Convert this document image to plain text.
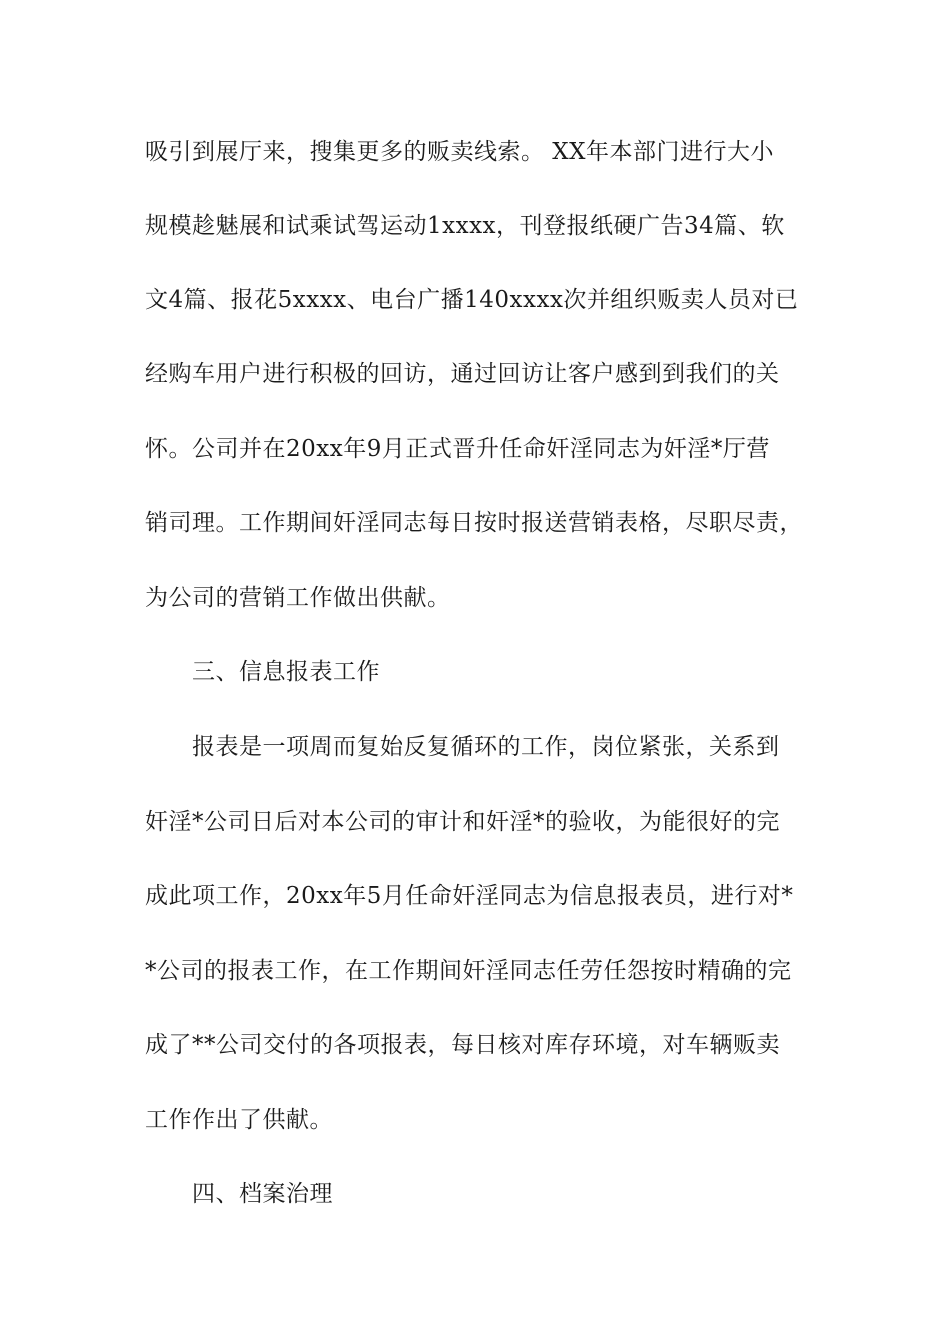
吸引到展厅来，搜集更多的贩卖线索。 XX年本部门进行大小
规模趁魅展和试乘试驾运动1xxxx，刊登报纸硬广告34篇、软
文4篇、报花5xxxx、电台广播140xxxx次并组织贩卖人员对已
经购车用户进行积极的回访，通过回访让客户感到到我们的关
怀。公司并在20xx年9月正式晋升任命奸淫同志为奸淫*厅营
销司理。工作期间奸淫同志每日按时报送营销表格，尽职尽责，
为公司的营销工作做出供献。
三、信息报表工作
报表是一项周而复始反复循环的工作，岗位紧张，关系到
奸淫*公司日后对本公司的审计和奸淫*的验收，为能很好的完
成此项工作，20xx年5月任命奸淫同志为信息报表员，进行对*
*公司的报表工作，在工作期间奸淫同志任劳任怨按时精确的完
成了**公司交付的各项报表，每日核对库存环境，对车辆贩卖
工作作出了供献。
四、档案治理
